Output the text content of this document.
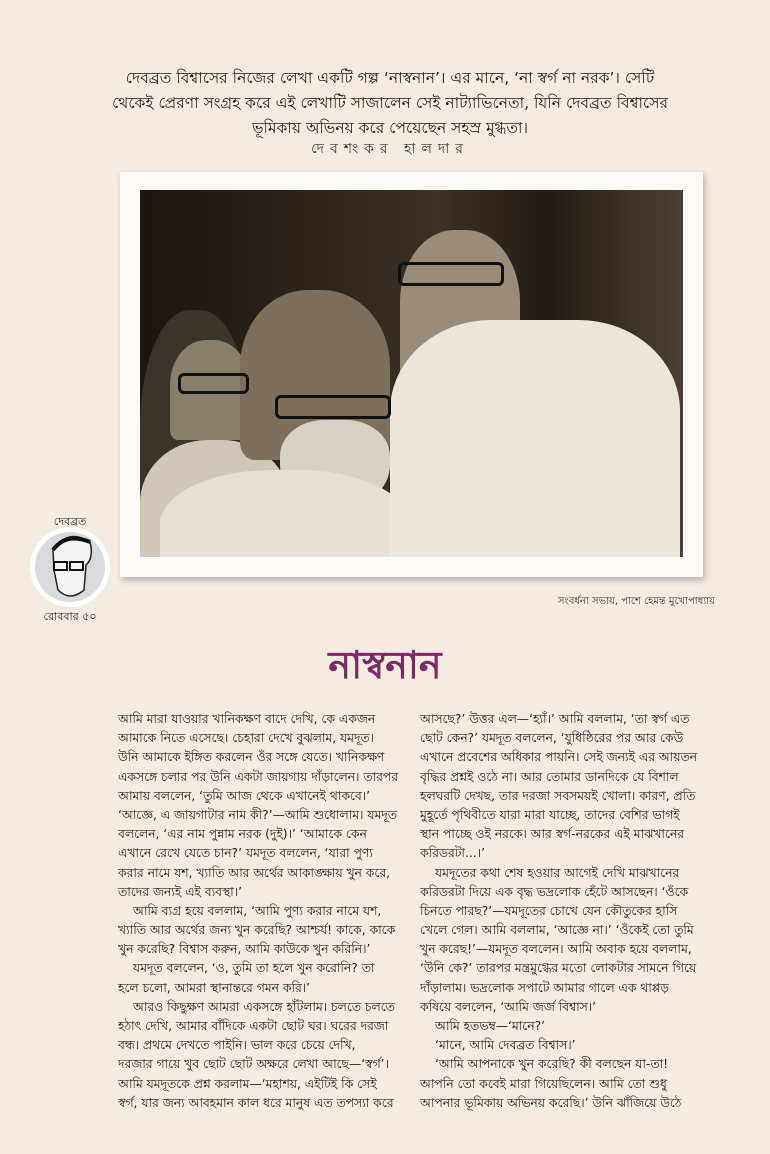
দেবব্রত বিশ্বাসের নিজের লেখা একটি গল্প ‘নাস্বনান’। এর মানে, ‘না স্বর্গ না নরক’। সেটি
থেকেই প্রেরণা সংগ্রহ করে এই লেখাটি সাজালেন সেই নাট্যাভিনেতা, যিনি দেবব্রত বিশ্বাসের
ভূমিকায় অভিনয় করে পেয়েছেন সহস্র মুগ্ধতা।
দেবশংকর হালদার
সংবর্ধনা সভায়, পাশে হেমন্ত মুখোপাধ্যায়
দেবব্রত
রোববার ৫০
নাস্বনান
আমি মারা যাওয়ার খানিকক্ষণ বাদে দেখি, কে একজন
আমাকে নিতে এসেছে। চেহারা দেখে বুঝলাম, যমদূত।
উনি আমাকে ইঙ্গিত করলেন ওঁর সঙ্গে যেতে। খানিকক্ষণ
একসঙ্গে চলার পর উনি একটা জায়গায় দাঁড়ালেন। তারপর
আমায় বললেন, ‘তুমি আজ থেকে এখানেই থাকবে।’
‘আজ্ঞে, এ জায়গাটার নাম কী?’—আমি শুধোলাম। যমদূত
বললেন, ‘এর নাম পুন্নাম নরক (দুই)।’ ‘আমাকে কেন
এখানে রেখে যেতে চান?’ যমদূত বললেন, ‘যারা পুণ্য
করার নামে যশ, খ্যাতি আর অর্থের আকাঙ্ক্ষায় খুন করে,
তাদের জন্যই এই ব্যবস্থা।’
আমি ব্যগ্র হয়ে বললাম, ‘আমি পুণ্য করার নামে যশ,
খ্যাতি আর অর্থের জন্য খুন করেছি? আশ্চর্য! কাকে, কাকে
খুন করেছি? বিশ্বাস করুন, আমি কাউকে খুন করিনি।’
যমদূত বললেন, ‘ও, তুমি তা হলে খুন করোনি? তা
হলে চলো, আমরা স্থানান্তরে গমন করি।’
আরও কিছুক্ষণ আমরা একসঙ্গে হাঁটলাম। চলতে চলতে
হঠাৎ দেখি, আমার বাঁদিকে একটা ছোট ঘর। ঘরের দরজা
বন্ধ। প্রথমে দেখতে পাইনি। ভাল করে চেয়ে দেখি,
দরজার গায়ে খুব ছোট ছোট অক্ষরে লেখা আছে—‘স্বর্গ’।
আমি যমদূতকে প্রশ্ন করলাম—‘মহাশয়, এইটিই কি সেই
স্বর্গ, যার জন্য আবহমান কাল ধরে মানুষ এত তপস্যা করে
আসছে?’ উত্তর এল—‘হ্যাঁ।’ আমি বললাম, ‘তা স্বর্গ এত
ছোট কেন?’ যমদূত বললেন, ‘যুধিষ্ঠিরের পর আর কেউ
এখানে প্রবেশের অধিকার পায়নি। সেই জন্যই এর আয়তন
বৃদ্ধির প্রশ্নই ওঠে না। আর তোমার ডানদিকে যে বিশাল
হলঘরটি দেখছ, তার দরজা সবসময়ই খোলা। কারণ, প্রতি
মুহূর্তে পৃথিবীতে যারা মারা যাচ্ছে, তাদের বেশির ভাগই
স্থান পাচ্ছে ওই নরকে। আর স্বর্গ-নরকের এই মাঝখানের
করিডরটা...।’
যমদূতের কথা শেষ হওয়ার আগেই দেখি মাঝখানের
করিডরটা দিয়ে এক বৃদ্ধ ভদ্রলোক হেঁটে আসছেন। ‘ওঁকে
চিনতে পারছ?’—যমদূতের চোখে যেন কৌতুকের হাসি
খেলে গেল। আমি বললাম, ‘আজ্ঞে না।’ ‘ওঁকেই তো তুমি
খুন করেছ!’—যমদূত বললেন। আমি অবাক হয়ে বললাম,
‘উনি কে?’ তারপর মন্ত্রমুগ্ধের মতো লোকটার সামনে গিয়ে
দাঁড়ালাম। ভদ্রলোক সপাটে আমার গালে এক থাপ্পড়
কষিয়ে বললেন, ‘আমি জর্জ বিশ্বাস।’
আমি হতভম্ব—‘মানে?’
‘মানে, আমি দেবব্রত বিশ্বাস।’
‘আমি আপনাকে খুন করেছি? কী বলছেন যা-তা!
আপনি তো কবেই মারা গিয়েছিলেন। আমি তো শুধু
আপনার ভূমিকায় অভিনয় করেছি।’ উনি ঝাঁজিয়ে উঠে
